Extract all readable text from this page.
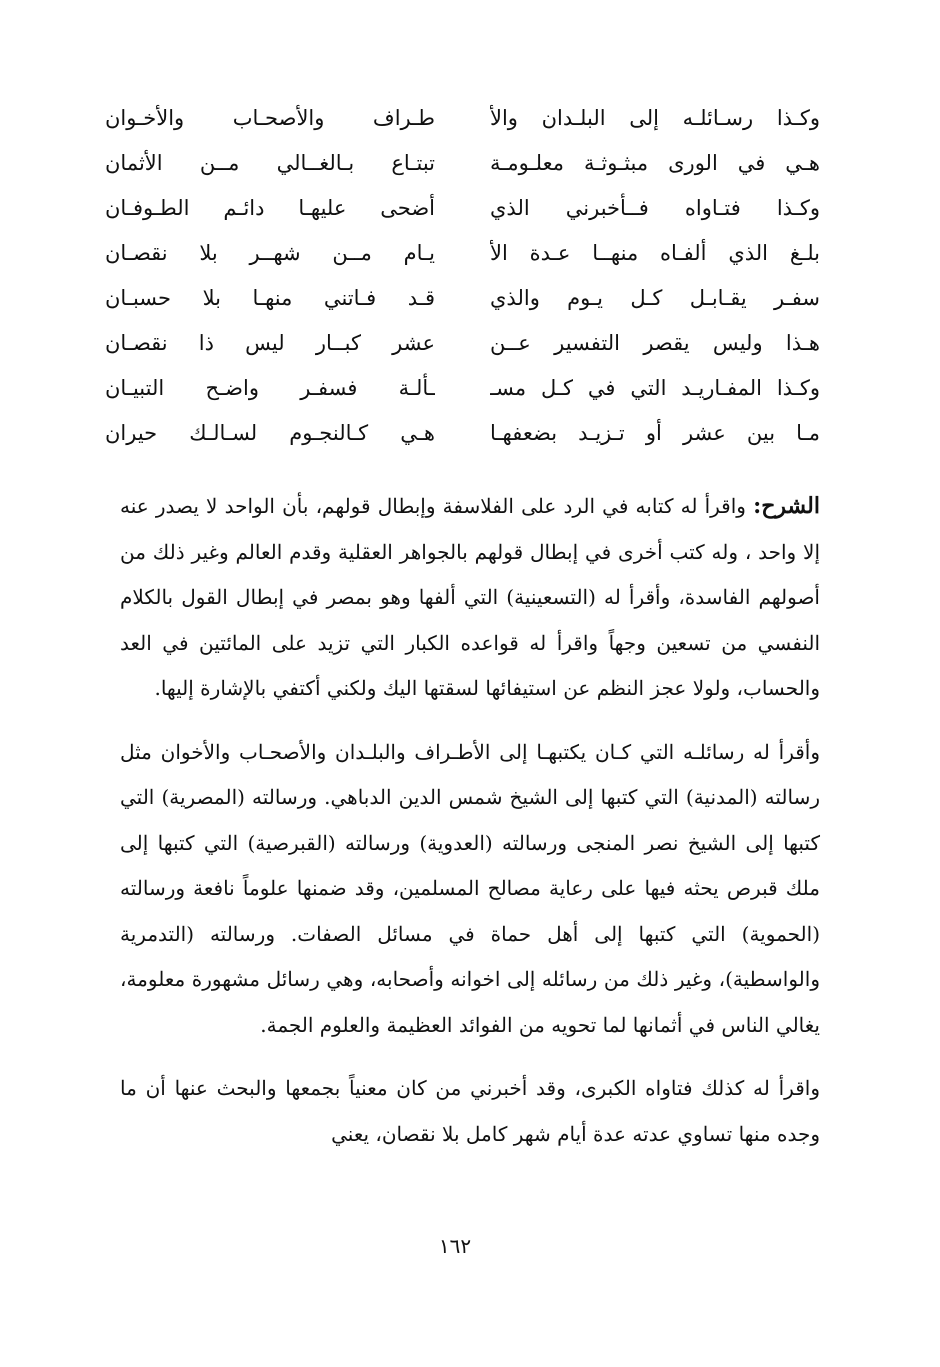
وكـذا رسـائلـه إلى البلـدان والأ
طـراف والأصحـاب والأخـوان
هـي في الورى مبثـوثـة معلـومـة
تبتـاع بـالغــالي مــن الأثمان
وكـذا فتـاواه فــأخبرني الذي
أضحى عليهـا دائـم الطـوفـان
بلـغ الذي ألفـاه منهــا عـدة الأ
يـام مــن شهــر بلا نقصـان
سفـر يقـابـل كـل يـوم والذي
قـد فـاتني منهـا بلا حسبـان
هـذا وليس يقصر التفسير عــن
عشر كبــار ليس ذا نقصـان
وكـذا المفـاريـد التي في كـل مسـ
ـألـة فسفـر واضـح التبيـان
مـا بين عشر أو تـزيـد بضعفهـا
هـي كـالنجـوم لسـالـك حيران

الشرح: واقرأ له كتابه في الرد على الفلاسفة وإبطال قولهم، بأن الواحد لا يصدر عنه إلا واحد ، وله كتب أخرى في إبطال قولهم بالجواهر العقلية وقدم العالم وغير ذلك من أصولهم الفاسدة، وأقرأ له (التسعينية) التي ألفها وهو بمصر في إبطال القول بالكلام النفسي من تسعين وجهاً واقرأ له قواعده الكبار التي تزيد على المائتين في العد والحساب، ولولا عجز النظم عن استيفائها لسقتها اليك ولكني أكتفي بالإشارة إليها.

وأقرأ له رسائلـه التي كـان يكتبهـا إلى الأطـراف والبلـدان والأصحـاب والأخوان مثل رسالته (المدنية) التي كتبها إلى الشيخ شمس الدين الدباهي. ورسالته (المصرية) التي كتبها إلى الشيخ نصر المنجى ورسالته (العدوية) ورسالته (القبرصية) التي كتبها إلى ملك قبرص يحثه فيها على رعاية مصالح المسلمين، وقد ضمنها علوماً نافعة ورسالته (الحموية) التي كتبها إلى أهل حماة في مسائل الصفات. ورسالته (التدمرية والواسطية)، وغير ذلك من رسائله إلى اخوانه وأصحابه، وهي رسائل مشهورة معلومة، يغالي الناس في أثمانها لما تحويه من الفوائد العظيمة والعلوم الجمة.

واقرأ له كذلك فتاواه الكبرى، وقد أخبرني من كان معنياً بجمعها والبحث عنها أن ما وجده منها تساوي عدته عدة أيام شهر كامل بلا نقصان، يعني

١٦٢
